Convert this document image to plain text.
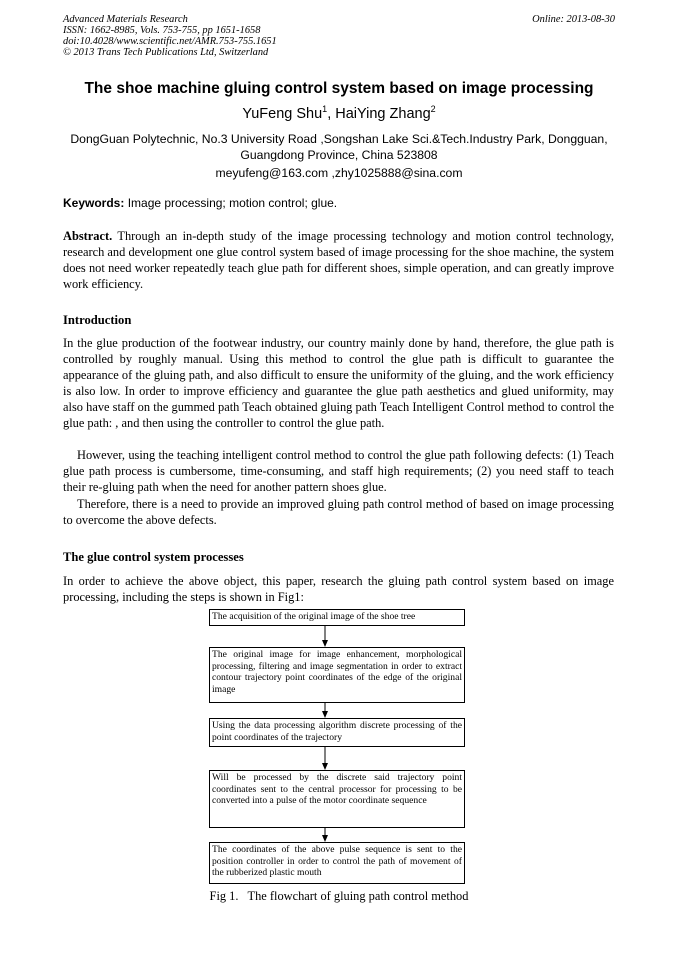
Advanced Materials Research
ISSN: 1662-8985, Vols. 753-755, pp 1651-1658
doi:10.4028/www.scientific.net/AMR.753-755.1651
© 2013 Trans Tech Publications Ltd, Switzerland
Online: 2013-08-30
The shoe machine gluing control system based on image processing
YuFeng Shu$^1$, HaiYing Zhang$^2$
DongGuan Polytechnic, No.3 University Road ,Songshan Lake Sci.&Tech.Industry Park, Dongguan, Guangdong Province, China 523808
meyufeng@163.com ,zhy1025888@sina.com
Keywords: Image processing; motion control; glue.

Abstract. Through an in-depth study of the image processing technology and motion control technology, research and development one glue control system based of image processing for the shoe machine, the system does not need worker repeatedly teach glue path for different shoes, simple operation, and can greatly improve work efficiency.

Introduction

In the glue production of the footwear industry, our country mainly done by hand, therefore, the glue path is controlled by roughly manual. Using this method to control the glue path is difficult to guarantee the appearance of the gluing path, and also difficult to ensure the uniformity of the gluing, and the work efficiency is also low. In order to improve efficiency and guarantee the glue path aesthetics and glued uniformity, may also have staff on the gummed path Teach obtained gluing path Teach Intelligent Control method to control the glue path: , and then using the controller to control the glue path.

However, using the teaching intelligent control method to control the glue path following defects: (1) Teach glue path process is cumbersome, time-consuming, and staff high requirements; (2) you need staff to teach their re-gluing path when the need for another pattern shoes glue.

Therefore, there is a need to provide an improved gluing path control method of based on image processing to overcome the above defects.

The glue control system processes

In order to achieve the above object, this paper, research the gluing path control system based on image processing, including the steps is shown in Fig1:

The acquisition of the original image of the shoe tree
The original image for image enhancement, morphological processing, filtering and image segmentation in order to extract contour trajectory point coordinates of the edge of the original image
Using the data processing algorithm discrete processing of the point coordinates of the trajectory
Will be processed by the discrete said trajectory point coordinates sent to the central processor for processing to be converted into a pulse of the motor coordinate sequence
The coordinates of the above pulse sequence is sent to the position controller in order to control the path of movement of the rubberized plastic mouth
Fig 1.   The flowchart of gluing path control method
